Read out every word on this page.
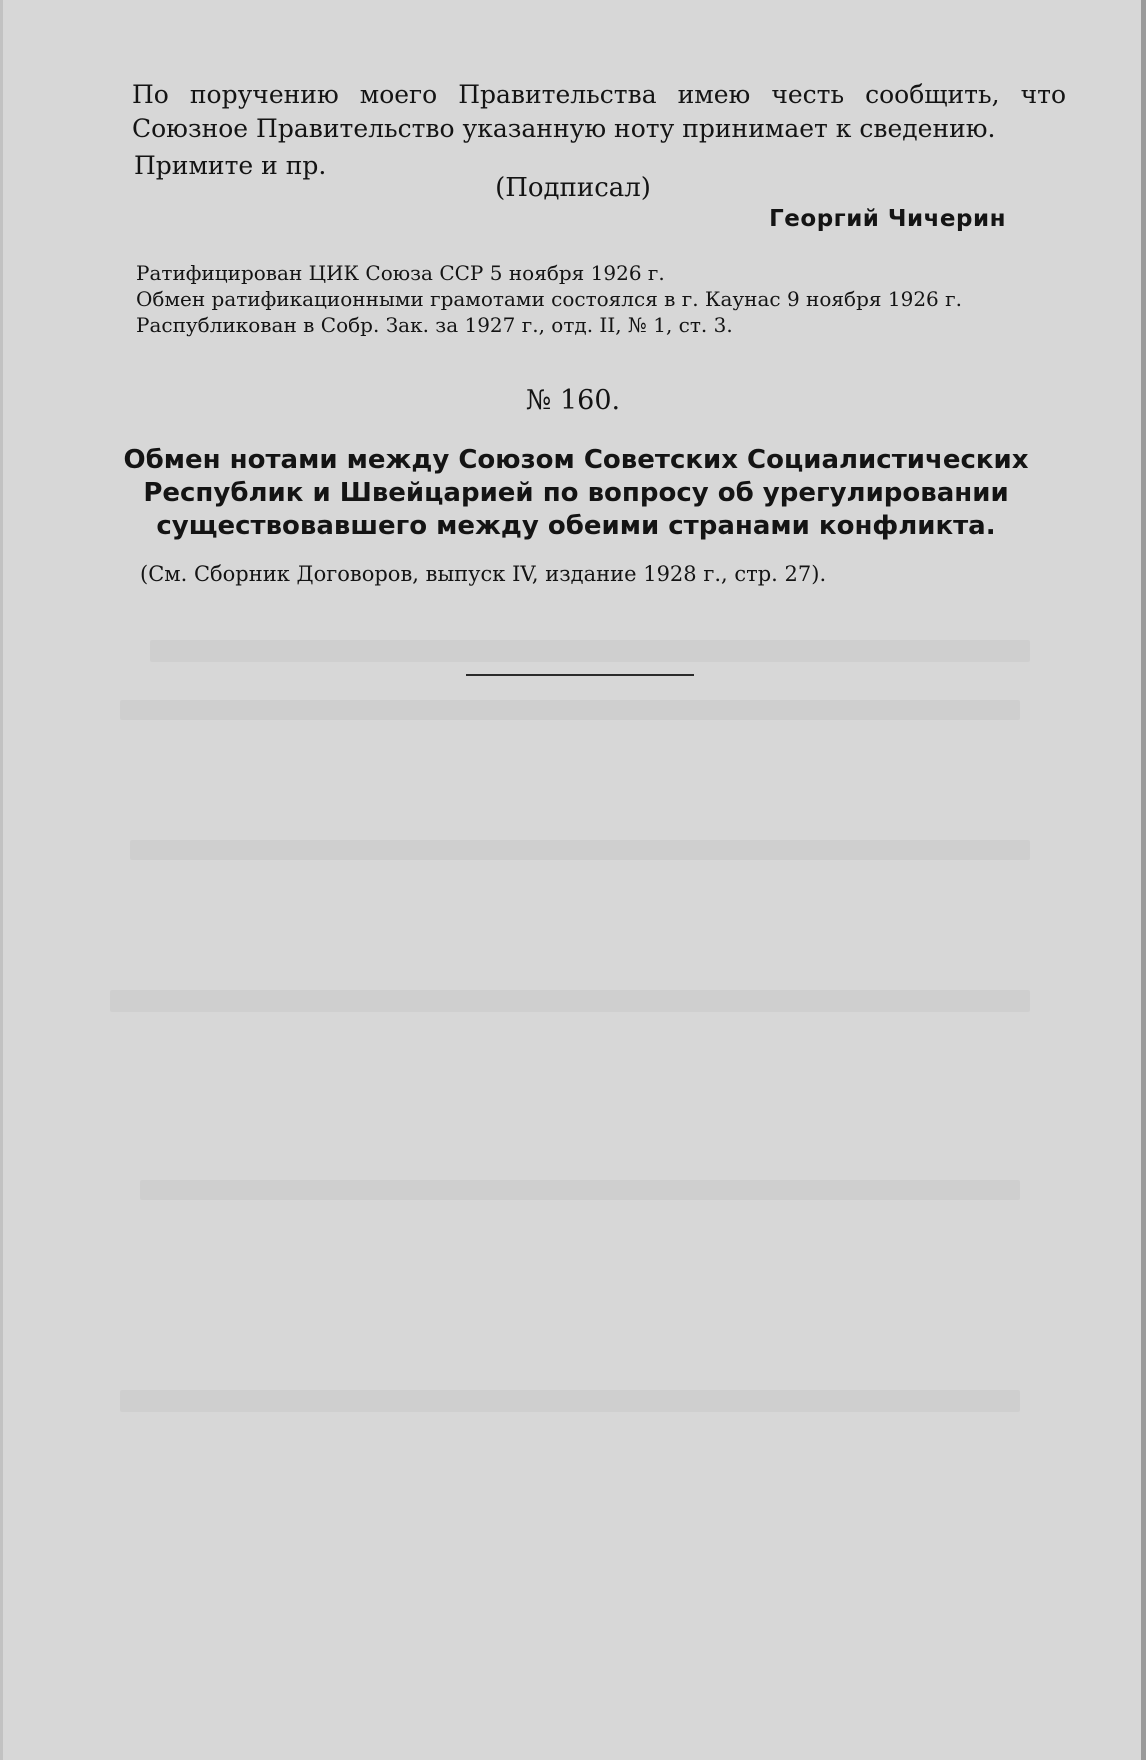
По поручению моего Правительства имею честь сообщить, что Союзное Правительство указанную ноту принимает к сведению.

Примите и пр.

(Подписал)
Георгий Чичерин
Ратифицирован ЦИК Союза ССР 5 ноября 1926 г.
Обмен ратификационными грамотами состоялся в г. Каунас 9 ноября 1926 г.
Распубликован в Собр. Зак. за 1927 г., отд. II, № 1, ст. 3.
№ 160.
Обмен нотами между Союзом Советских Социалистических Республик и Швейцарией по вопросу об урегулировании существовавшего между обеими странами конфликта.
(См. Сборник Договоров, выпуск IV, издание 1928 г., стр. 27).
